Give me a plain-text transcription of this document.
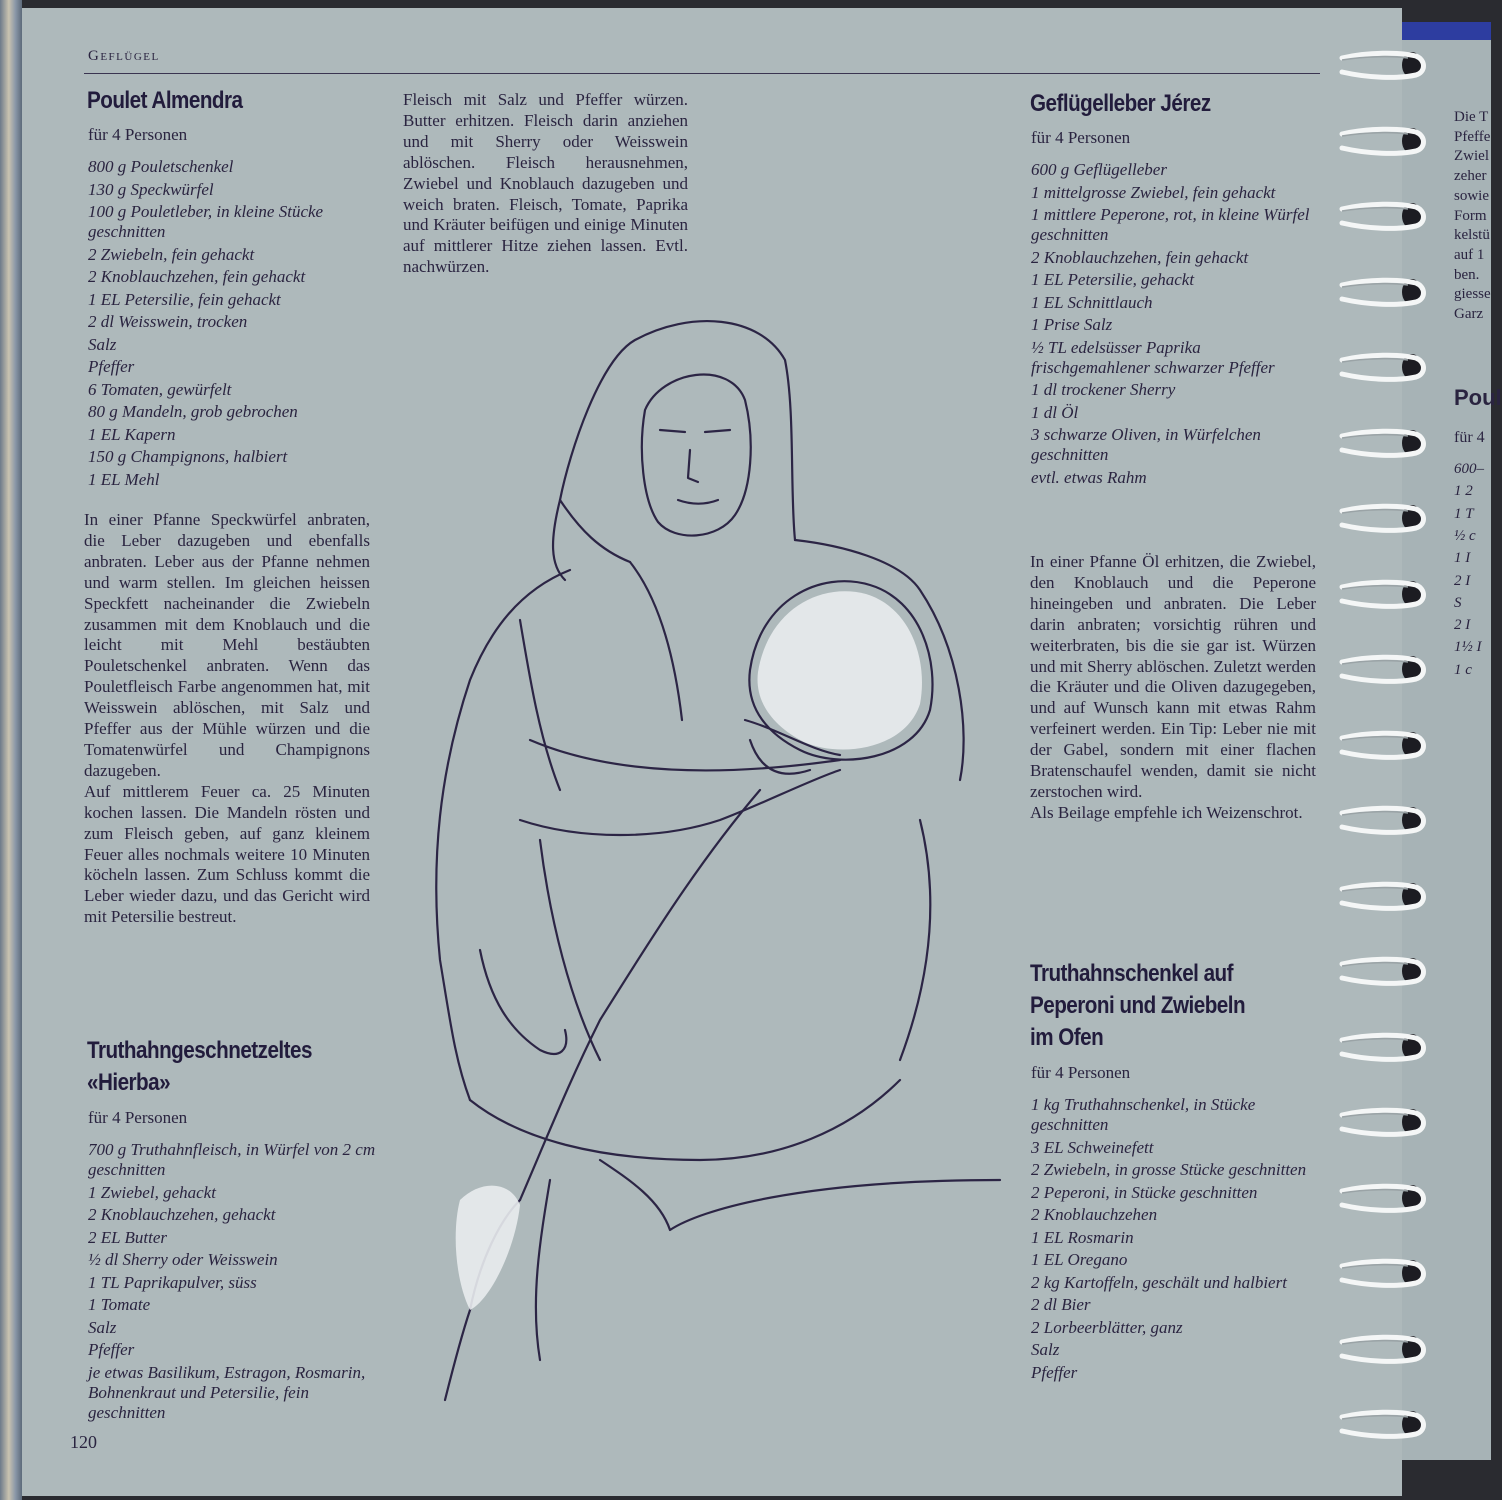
Die T
Pfeffe
Zwiel
zeher
sowie
Form
kelstü
auf 1
ben.
giesse
Garz
Poul
für 4
600–
1 2
1 T
½ c
1 I
2 I
S
2 I
1½ I
1 c
Geflügel
Poulet Almendra
für 4 Personen
800 g Pouletschenkel
130 g Speckwürfel
100 g Pouletleber, in kleine Stücke geschnitten
2 Zwiebeln, fein gehackt
2 Knoblauchzehen, fein gehackt
1 EL Petersilie, fein gehackt
2 dl Weisswein, trocken
Salz
Pfeffer
6 Tomaten, gewürfelt
80 g Mandeln, grob gebrochen
1 EL Kapern
150 g Champignons, halbiert
1 EL Mehl

In einer Pfanne Speckwürfel anbraten, die Leber dazugeben und ebenfalls anbraten. Leber aus der Pfanne nehmen und warm stellen. Im gleichen heissen Speckfett nacheinander die Zwiebeln zusammen mit dem Knoblauch und die leicht mit Mehl bestäubten Pouletschenkel anbraten. Wenn das Pouletfleisch Farbe angenommen hat, mit Weisswein ablöschen, mit Salz und Pfeffer aus der Mühle würzen und die Tomatenwürfel und Champignons dazugeben.

Auf mittlerem Feuer ca. 25 Minuten kochen lassen. Die Mandeln rösten und zum Fleisch geben, auf ganz kleinem Feuer alles nochmals weitere 10 Minuten köcheln lassen. Zum Schluss kommt die Leber wieder dazu, und das Gericht wird mit Petersilie bestreut.

Truthahngeschnetzeltes
«Hierba»
für 4 Personen
700 g Truthahnfleisch, in Würfel von 2 cm geschnitten
1 Zwiebel, gehackt
2 Knoblauchzehen, gehackt
2 EL Butter
½ dl Sherry oder Weisswein
1 TL Paprikapulver, süss
1 Tomate
Salz
Pfeffer
je etwas Basilikum, Estragon, Rosmarin, Bohnenkraut und Petersilie, fein geschnitten
Fleisch mit Salz und Pfeffer würzen. Butter erhitzen. Fleisch darin anziehen und mit Sherry oder Weisswein ablöschen. Fleisch herausnehmen, Zwiebel und Knoblauch dazugeben und weich braten. Fleisch, Tomate, Paprika und Kräuter beifügen und einige Minuten auf mittlerer Hitze ziehen lassen. Evtl. nachwürzen.
Geflügelleber Jérez
für 4 Personen
600 g Geflügelleber
1 mittelgrosse Zwiebel, fein gehackt
1 mittlere Peperone, rot, in kleine Würfel geschnitten
2 Knoblauchzehen, fein gehackt
1 EL Petersilie, gehackt
1 EL Schnittlauch
1 Prise Salz
½ TL edelsüsser Paprika frischgemahlener schwarzer Pfeffer
1 dl trockener Sherry
1 dl Öl
3 schwarze Oliven, in Würfelchen geschnitten
evtl. etwas Rahm

In einer Pfanne Öl erhitzen, die Zwiebel, den Knoblauch und die Peperone hineingeben und anbraten. Die Leber darin anbraten; vorsichtig rühren und weiterbraten, bis die sie gar ist. Würzen und mit Sherry ablöschen. Zuletzt werden die Kräuter und die Oliven dazugegeben, und auf Wunsch kann mit etwas Rahm verfeinert werden. Ein Tip: Leber nie mit der Gabel, sondern mit einer flachen Bratenschaufel wenden, damit sie nicht zerstochen wird.

Als Beilage empfehle ich Weizenschrot.

Truthahnschenkel auf
Peperoni und Zwiebeln
im Ofen
für 4 Personen
1 kg Truthahnschenkel, in Stücke geschnitten
3 EL Schweinefett
2 Zwiebeln, in grosse Stücke geschnitten
2 Peperoni, in Stücke geschnitten
2 Knoblauchzehen
1 EL Rosmarin
1 EL Oregano
2 kg Kartoffeln, geschält und halbiert
2 dl Bier
2 Lorbeerblätter, ganz
Salz
Pfeffer
120
